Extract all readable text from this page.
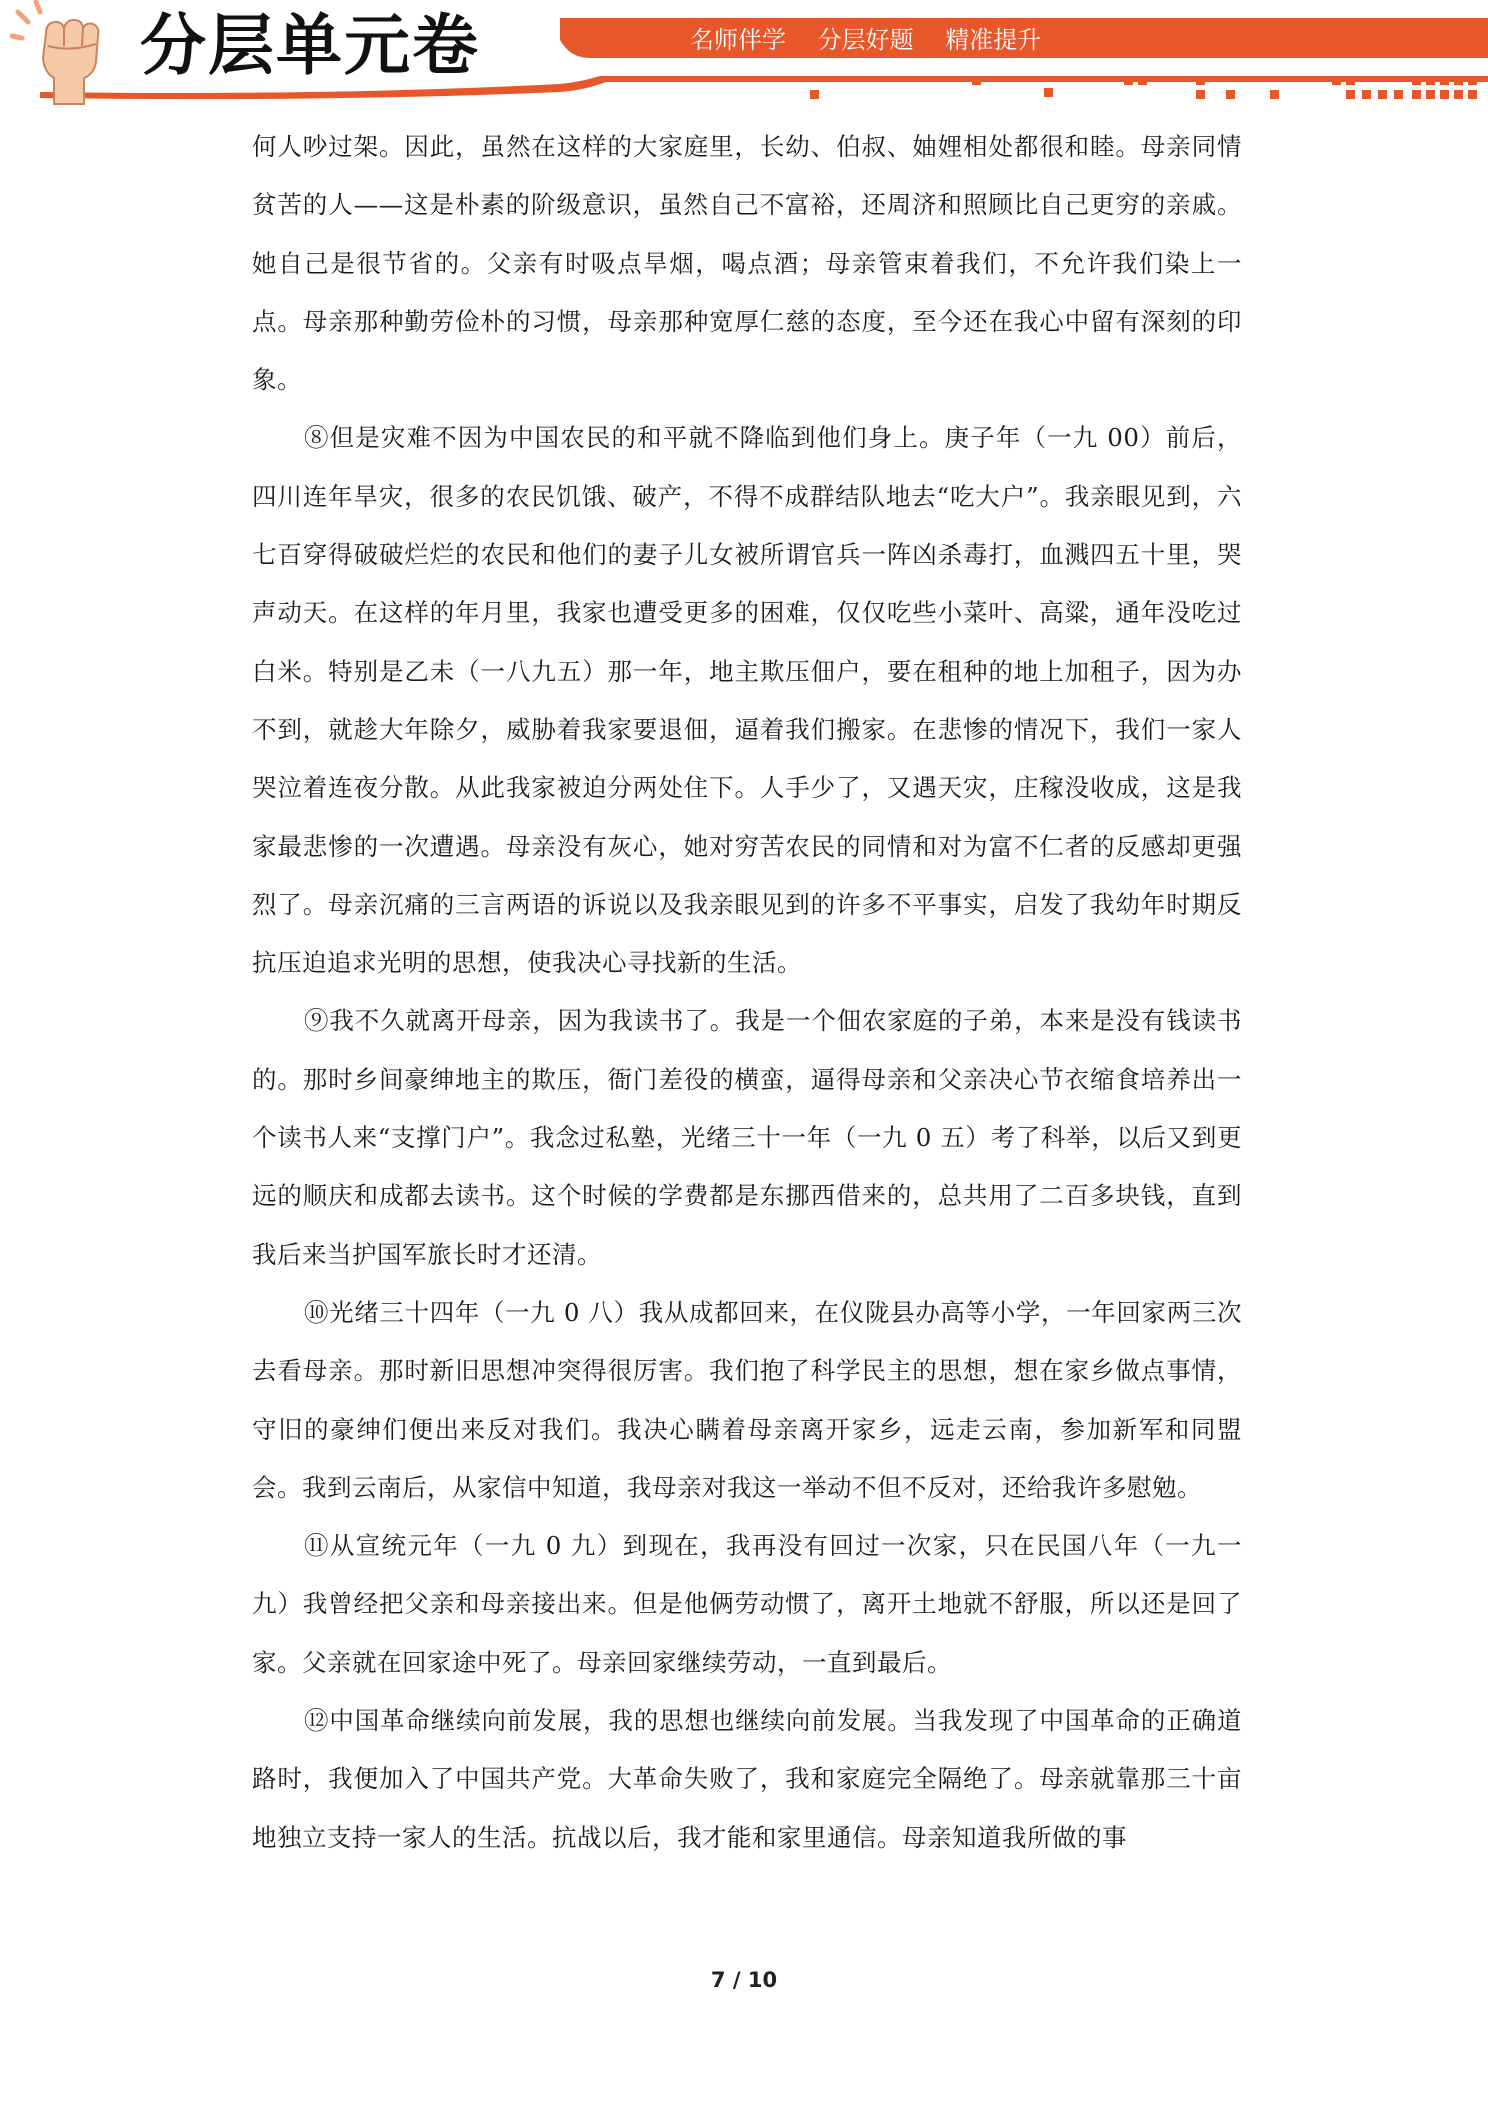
分层单元卷	名师伴学 分层好题 精准提升

何人吵过架。因此，虽然在这样的大家庭里，长幼、伯叔、妯娌相处都很和睦。母亲同情贫苦的人——这是朴素的阶级意识，虽然自己不富裕，还周济和照顾比自己更穷的亲戚。她自己是很节省的。父亲有时吸点旱烟，喝点酒；母亲管束着我们，不允许我们染上一点。母亲那种勤劳俭朴的习惯，母亲那种宽厚仁慈的态度，至今还在我心中留有深刻的印象。

⑧但是灾难不因为中国农民的和平就不降临到他们身上。庚子年（一九 00）前后，四川连年旱灾，很多的农民饥饿、破产，不得不成群结队地去“吃大户”。我亲眼见到，六七百穿得破破烂烂的农民和他们的妻子儿女被所谓官兵一阵凶杀毒打，血溅四五十里，哭声动天。在这样的年月里，我家也遭受更多的困难，仅仅吃些小菜叶、高粱，通年没吃过白米。特别是乙未（一八九五）那一年，地主欺压佃户，要在租种的地上加租子，因为办不到，就趁大年除夕，威胁着我家要退佃，逼着我们搬家。在悲惨的情况下，我们一家人哭泣着连夜分散。从此我家被迫分两处住下。人手少了，又遇天灾，庄稼没收成，这是我家最悲惨的一次遭遇。母亲没有灰心，她对穷苦农民的同情和对为富不仁者的反感却更强烈了。母亲沉痛的三言两语的诉说以及我亲眼见到的许多不平事实，启发了我幼年时期反抗压迫追求光明的思想，使我决心寻找新的生活。

⑨我不久就离开母亲，因为我读书了。我是一个佃农家庭的子弟，本来是没有钱读书的。那时乡间豪绅地主的欺压，衙门差役的横蛮，逼得母亲和父亲决心节衣缩食培养出一个读书人来“支撑门户”。我念过私塾，光绪三十一年（一九 0 五）考了科举，以后又到更远的顺庆和成都去读书。这个时候的学费都是东挪西借来的，总共用了二百多块钱，直到我后来当护国军旅长时才还清。

⑩光绪三十四年（一九 0 八）我从成都回来，在仪陇县办高等小学，一年回家两三次去看母亲。那时新旧思想冲突得很厉害。我们抱了科学民主的思想，想在家乡做点事情，守旧的豪绅们便出来反对我们。我决心瞒着母亲离开家乡，远走云南，参加新军和同盟会。我到云南后，从家信中知道，我母亲对我这一举动不但不反对，还给我许多慰勉。

⑪从宣统元年（一九 0 九）到现在，我再没有回过一次家，只在民国八年（一九一九）我曾经把父亲和母亲接出来。但是他俩劳动惯了，离开土地就不舒服，所以还是回了家。父亲就在回家途中死了。母亲回家继续劳动，一直到最后。

⑫中国革命继续向前发展，我的思想也继续向前发展。当我发现了中国革命的正确道路时，我便加入了中国共产党。大革命失败了，我和家庭完全隔绝了。母亲就靠那三十亩地独立支持一家人的生活。抗战以后，我才能和家里通信。母亲知道我所做的事

7 / 10
